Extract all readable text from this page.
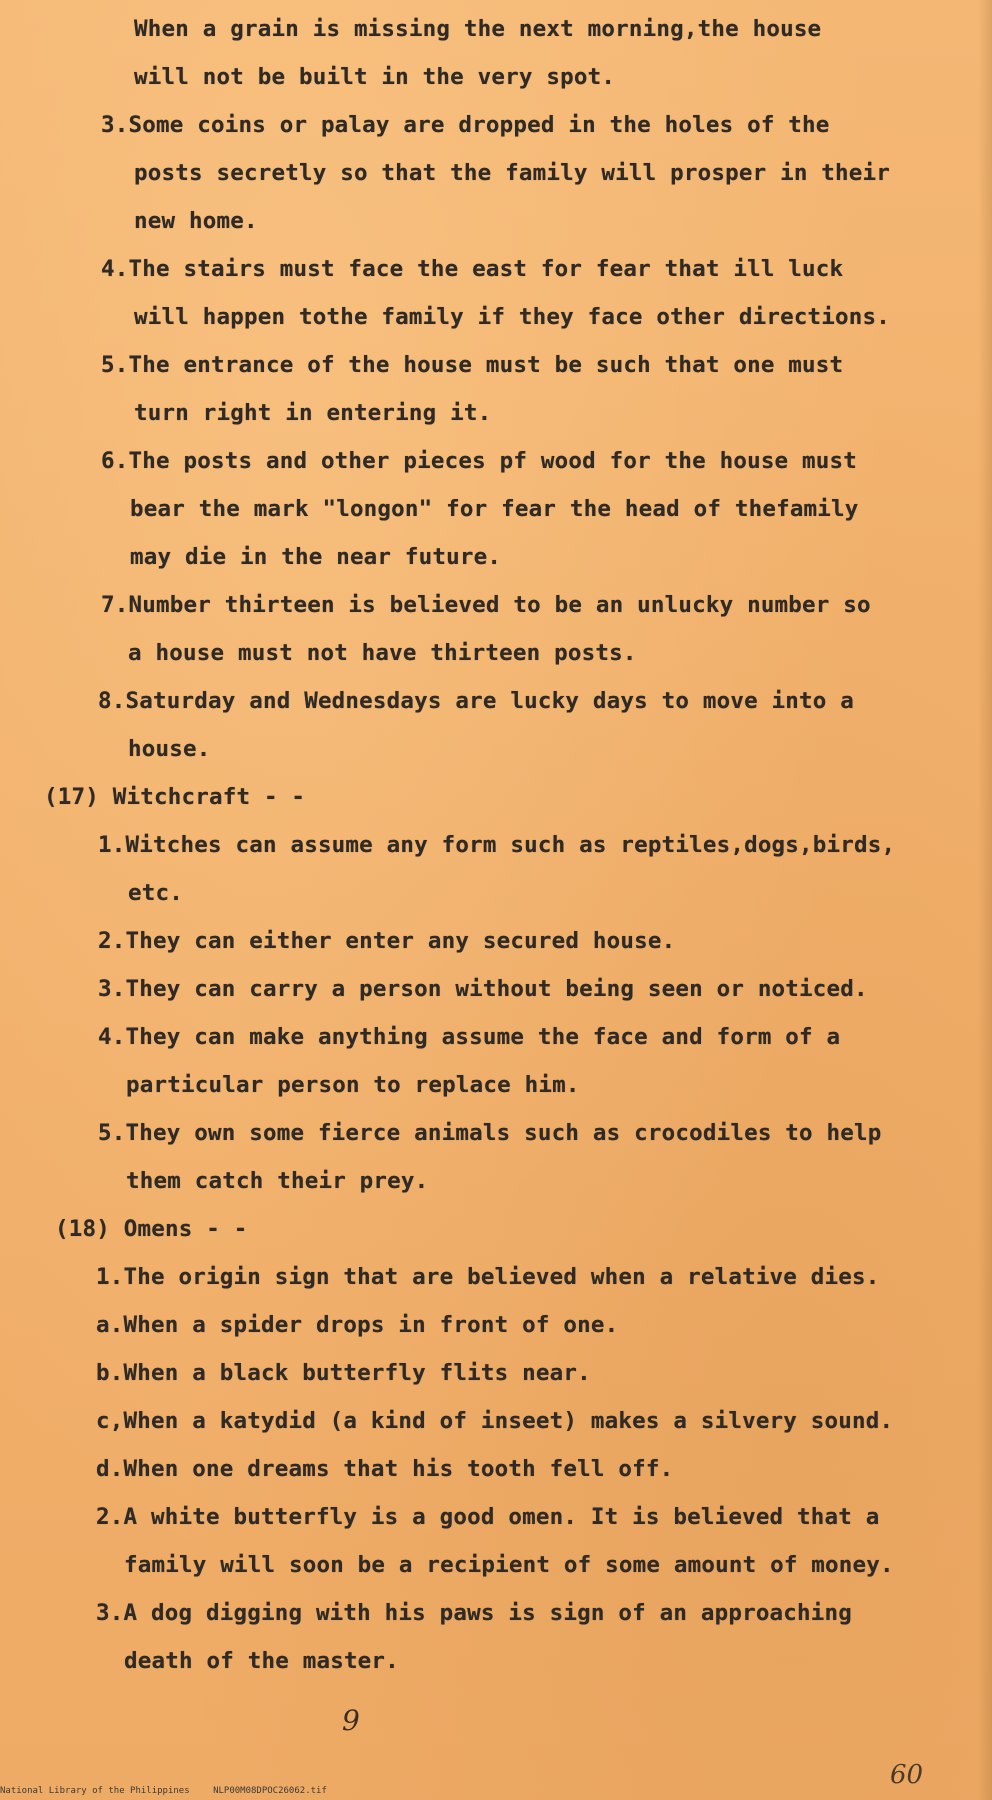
When a grain is missing the next morning,the house
will not be built in the very spot.
3.Some coins or palay are dropped in the holes of the
posts secretly so that the family will prosper in their
new home.
4.The stairs must face the east for fear that ill luck
will happen tothe family if they face other directions.
5.The entrance of the house must be such that one must
turn right in entering it.
6.The posts and other pieces pf wood for the house must
bear the mark "longon" for fear the head of thefamily
may die in the near future.
7.Number thirteen is believed to be an unlucky number so
a house must not have thirteen posts.
8.Saturday and Wednesdays are lucky days to move into a
house.
(17) Witchcraft - -
1.Witches can assume any form such as reptiles,dogs,birds,
etc.
2.They can either enter any secured house.
3.They can carry a person without being seen or noticed.
4.They can make anything assume the face and form of a
particular person to replace him.
5.They own some fierce animals such as crocodiles to help
them catch their prey.
(18) Omens - -
1.The origin sign that are believed when a relative dies.
a.When a spider drops in front of one.
b.When a black butterfly flits near.
c,When a katydid (a kind of inseet) makes a silvery sound.
d.When one dreams that his tooth fell off.
2.A white butterfly is a good omen. It is believed that a
family will soon be a recipient of some amount of money.
3.A dog digging with his paws is sign of an approaching
death of the master.
9
60
National Library of the Philippines	NLP00M08DPOC26062.tif
